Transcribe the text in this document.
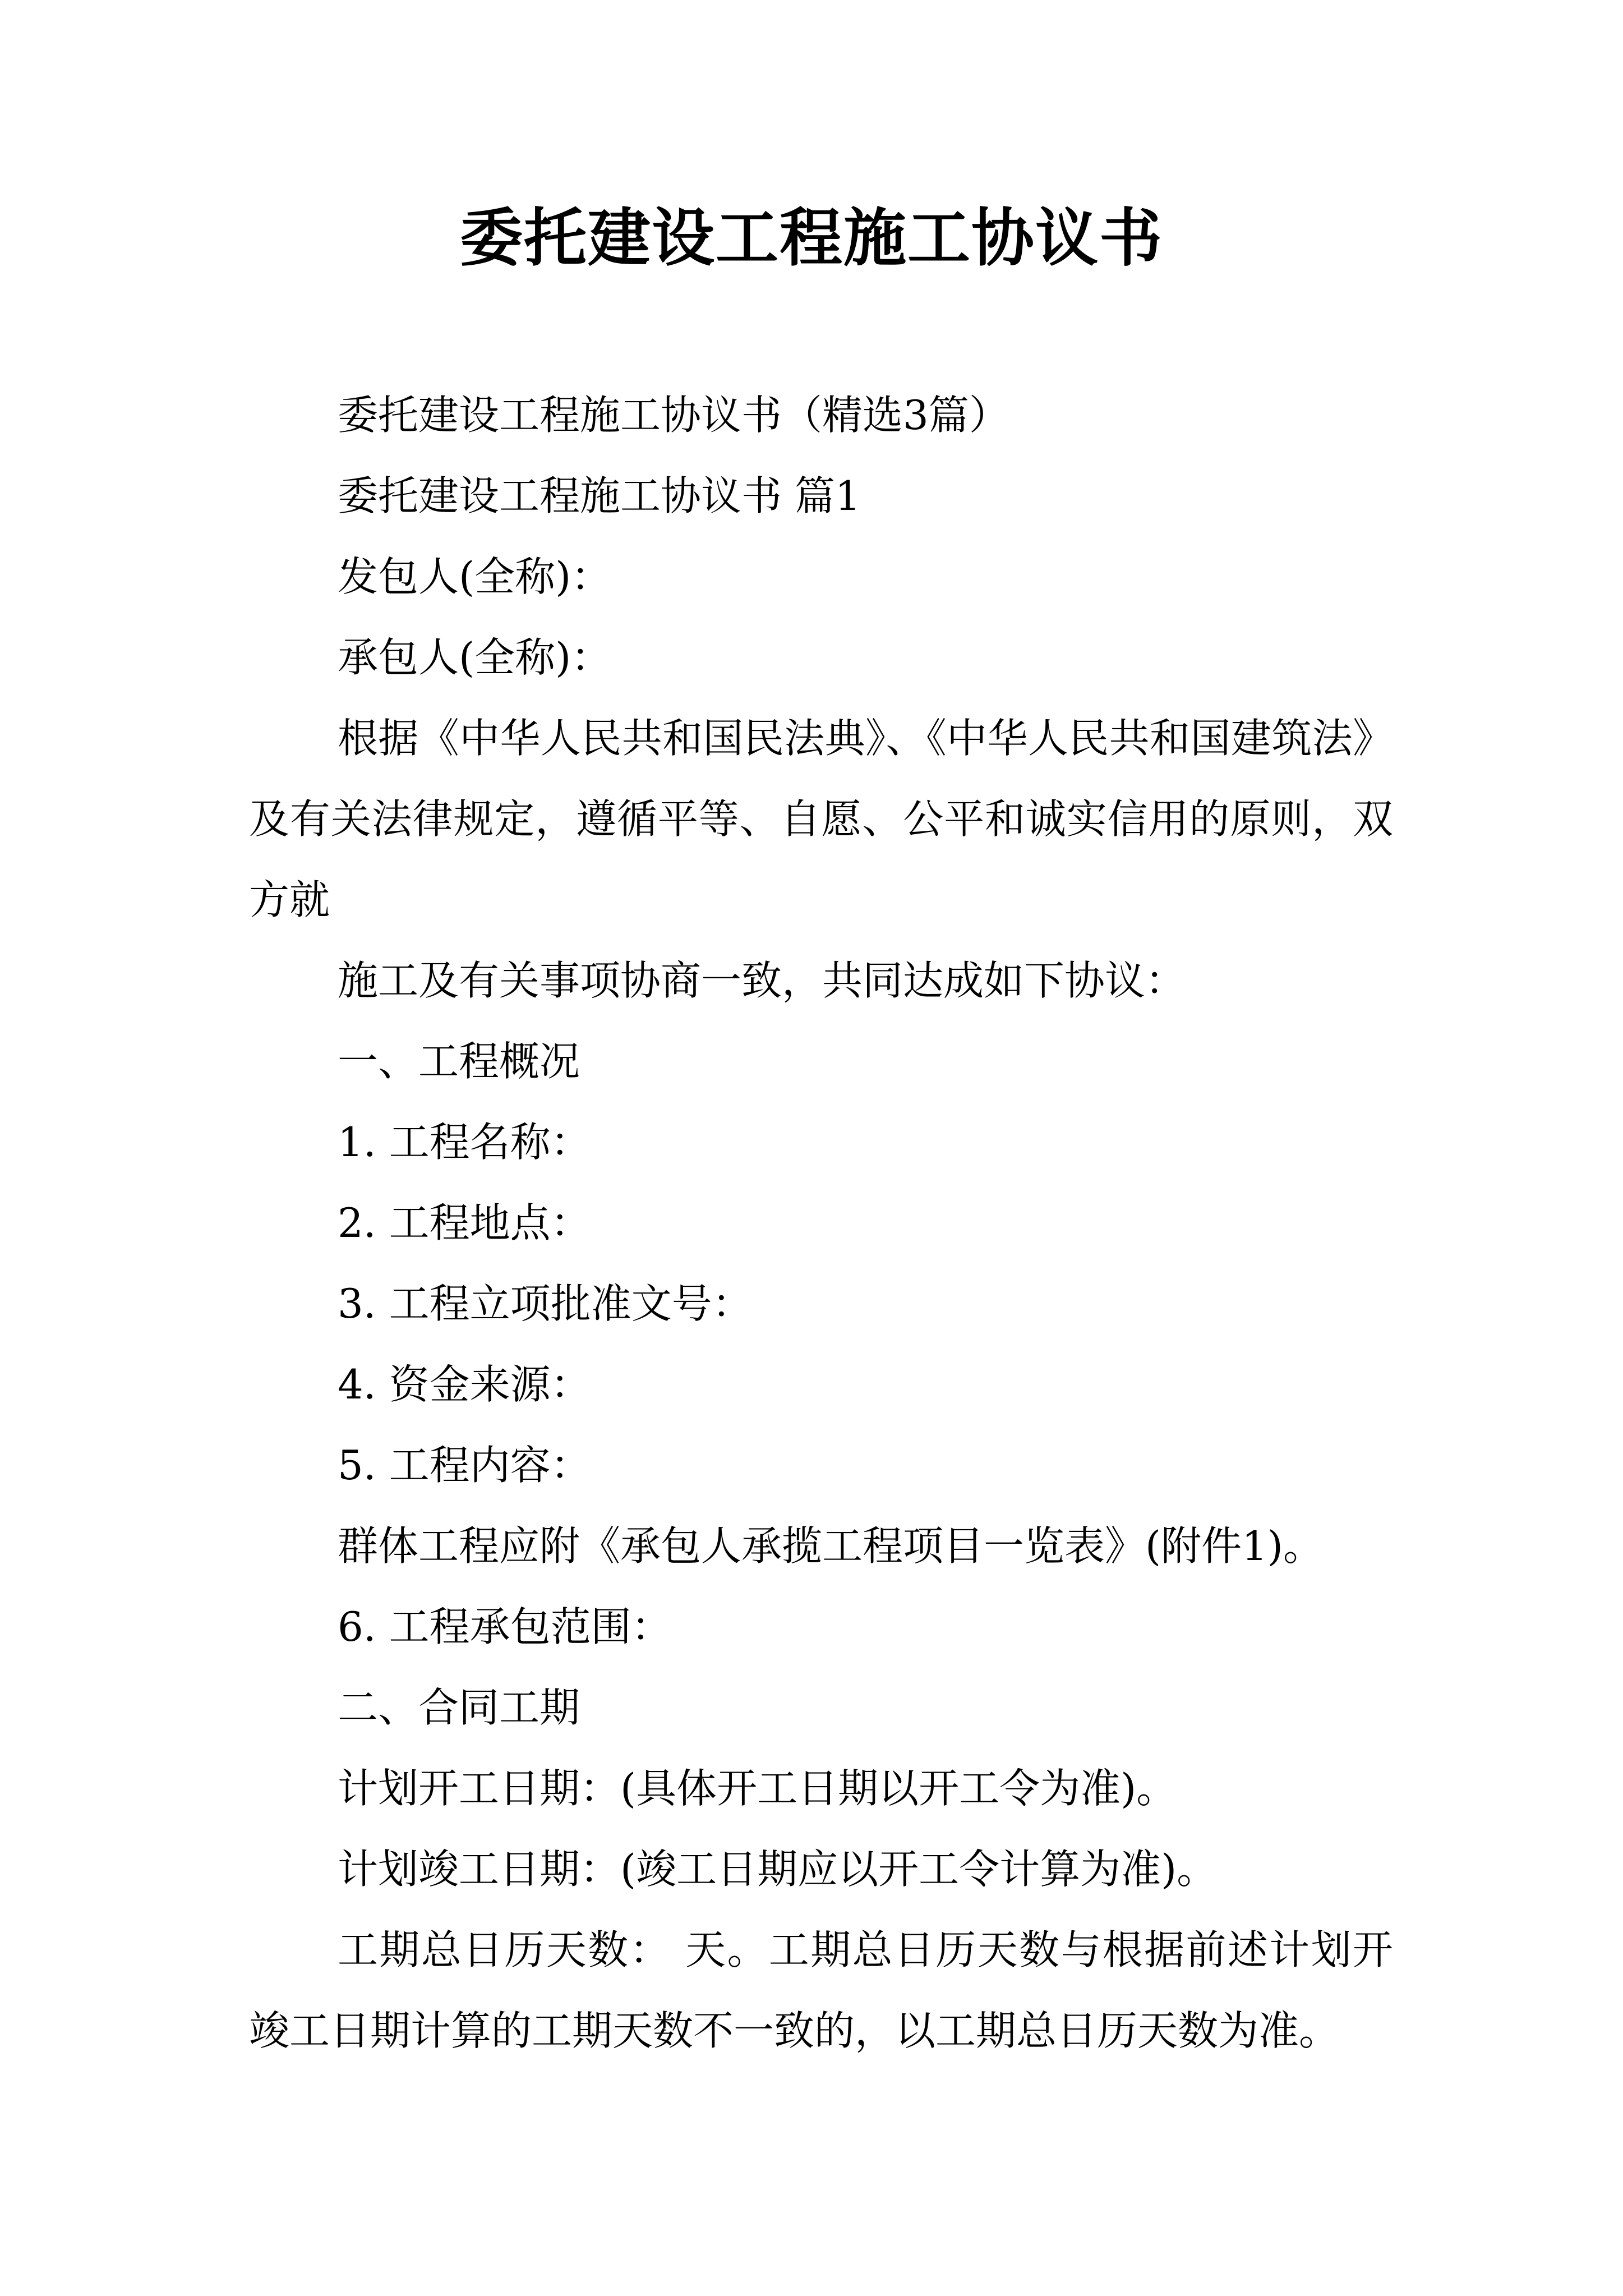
委托建设工程施工协议书

委托建设工程施工协议书（精选3篇）

委托建设工程施工协议书 篇1

发包人(全称)：

承包人(全称)：

根据《中华人民共和国民法典》、《中华人民共和国建筑法》及有关法律规定，遵循平等、自愿、公平和诚实信用的原则，双方就

施工及有关事项协商一致，共同达成如下协议：

一、工程概况

1. 工程名称：

2. 工程地点：

3. 工程立项批准文号：

4. 资金来源：

5. 工程内容：

群体工程应附《承包人承揽工程项目一览表》(附件1)。

6. 工程承包范围：

二、合同工期

计划开工日期：(具体开工日期以开工令为准)。

计划竣工日期：(竣工日期应以开工令计算为准)。

工期总日历天数： 天。工期总日历天数与根据前述计划开竣工日期计算的工期天数不一致的，以工期总日历天数为准。
